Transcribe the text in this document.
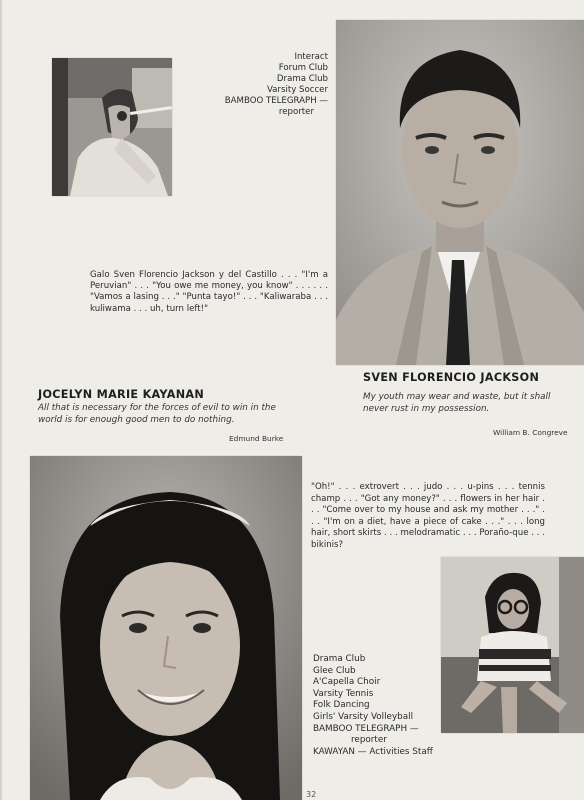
Interact
Forum Club
Drama Club
Varsity Soccer
BAMBOO TELEGRAPH —
reporter
Galo Sven Florencio Jackson y del Castillo . . . "I'm a Peruvian" . . . "You owe me money, you know" . . . . . . "Vamos a lasing . . ." "Punta tayo!" . . . "Kaliwaraba . . . kuliwama . . . uh, turn left!"
SVEN FLORENCIO JACKSON
My youth may wear and waste, but it shall never rust in my possession.
William B. Congreve
JOCELYN MARIE KAYANAN
All that is necessary for the forces of evil to win in the world is for enough good men to do nothing.
Edmund Burke
"Oh!" . . . extrovert . . . judo . . . u-pins . . . tennis champ . . . "Got any money?" . . . flowers in her hair . . . "Come over to my house and ask my mother . . ." . . . "I'm on a diet, have a piece of cake . . ." . . . long hair, short skirts . . . melodramatic . . . Poraño-que . . . bikinis?
Drama Club
Glee Club
A'Capella Choir
Varsity Tennis
Folk Dancing
Girls' Varsity Volleyball
BAMBOO TELEGRAPH —
reporter
KAWAYAN — Activities Staff
32
